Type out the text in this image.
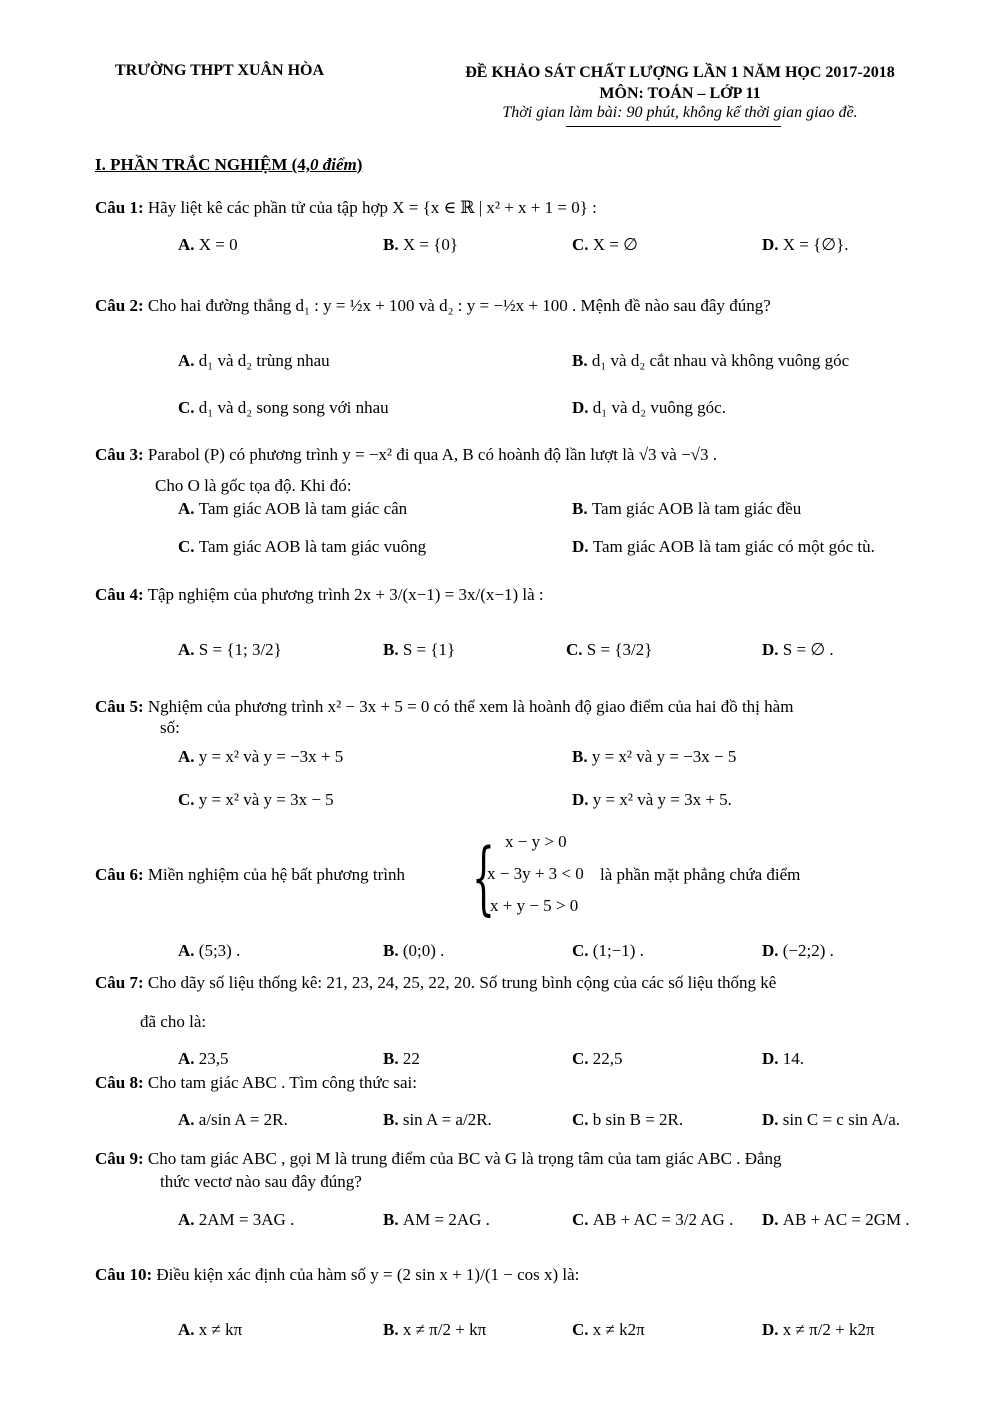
TRƯỜNG THPT XUÂN HÒA	ĐỀ KHẢO SÁT CHẤT LƯỢNG LẦN 1 NĂM HỌC 2017-2018
MÔN: TOÁN – LỚP 11
Thời gian làm bài: 90 phút, không kể thời gian giao đề.
I. PHẦN TRẮC NGHIỆM (4,0 điểm)
Câu 1: Hãy liệt kê các phần tử của tập hợp X = {x ∈ ℝ | x² + x + 1 = 0} :
A. X = 0	B. X = {0}	C. X = ∅	D. X = {∅}.
Câu 2: Cho hai đường thẳng d₁ : y = ½x + 100 và d₂ : y = −½x + 100 . Mệnh đề nào sau đây đúng?
A. d₁ và d₂ trùng nhau	B. d₁ và d₂ cắt nhau và không vuông góc
C. d₁ và d₂ song song với nhau	D. d₁ và d₂ vuông góc.
Câu 3: Parabol (P) có phương trình y = −x² đi qua A, B có hoành độ lần lượt là √3 và −√3 .
Cho O là gốc tọa độ. Khi đó:
A. Tam giác AOB là tam giác cân	B. Tam giác AOB là tam giác đều
C. Tam giác AOB là tam giác vuông	D. Tam giác AOB là tam giác có một góc tù.
Câu 4: Tập nghiệm của phương trình 2x + 3/(x−1) = 3x/(x−1) là :
A. S = {1; 3/2}	B. S = {1}	C. S = {3/2}	D. S = ∅ .
Câu 5: Nghiệm của phương trình x² − 3x + 5 = 0 có thể xem là hoành độ giao điểm của hai đồ thị hàm
số:
A. y = x² và y = −3x + 5	B. y = x² và y = −3x − 5
C. y = x² và y = 3x − 5	D. y = x² và y = 3x + 5.
Câu 6: Miền nghiệm của hệ bất phương trình { x − y > 0
x − 3y + 3 < 0
x + y − 5 > 0
là phần mặt phẳng chứa điểm
A. (5;3) .	B. (0;0) .	C. (1;−1) .	D. (−2;2) .
Câu 7: Cho dãy số liệu thống kê: 21, 23, 24, 25, 22, 20. Số trung bình cộng của các số liệu thống kê
đã cho là:
A. 23,5	B. 22	C. 22,5	D. 14.
Câu 8: Cho tam giác ABC . Tìm công thức sai:
A. a/sin A = 2R.	B. sin A = a/2R.	C. b sin B = 2R.	D. sin C = c sin A/a.
Câu 9: Cho tam giác ABC , gọi M là trung điểm của BC và G là trọng tâm của tam giác ABC . Đẳng
thức vectơ nào sau đây đúng?
A. 2AM = 3AG .	B. AM = 2AG .	C. AB + AC = 3/2 AG . D. AB + AC = 2GM .
Câu 10: Điều kiện xác định của hàm số y = (2 sin x + 1)/(1 − cos x) là:
A. x ≠ kπ	B. x ≠ π/2 + kπ	C. x ≠ k2π	D. x ≠ π/2 + k2π
